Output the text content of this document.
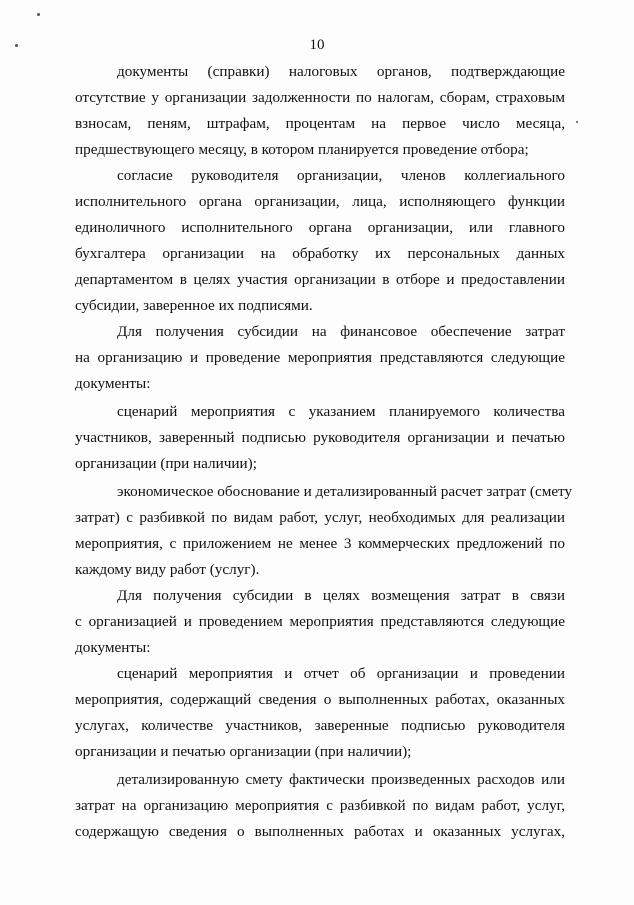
10
документы (справки) налоговых органов, подтверждающие
отсутствие у организации задолженности по налогам, сборам, страховым
взносам, пеням, штрафам, процентам на первое число месяца,
предшествующего месяцу, в котором планируется проведение отбора;
согласие руководителя организации, членов коллегиального
исполнительного органа организации, лица, исполняющего функции
единоличного исполнительного органа организации, или главного
бухгалтера организации на обработку их персональных данных
департаментом в целях участия организации в отборе и предоставлении
субсидии, заверенное их подписями.
Для получения субсидии на финансовое обеспечение затрат
на организацию и проведение мероприятия представляются следующие
документы:
сценарий мероприятия с указанием планируемого количества
участников, заверенный подписью руководителя организации и печатью
организации (при наличии);
экономическое обоснование и детализированный расчет затрат (смету
затрат) с разбивкой по видам работ, услуг, необходимых для реализации
мероприятия, с приложением не менее 3 коммерческих предложений по
каждому виду работ (услуг).
Для получения субсидии в целях возмещения затрат в связи
с организацией и проведением мероприятия представляются следующие
документы:
сценарий мероприятия и отчет об организации и проведении
мероприятия, содержащий сведения о выполненных работах, оказанных
услугах, количестве участников, заверенные подписью руководителя
организации и печатью организации (при наличии);
детализированную смету фактически произведенных расходов или
затрат на организацию мероприятия с разбивкой по видам работ, услуг,
содержащую сведения о выполненных работах и оказанных услугах,
